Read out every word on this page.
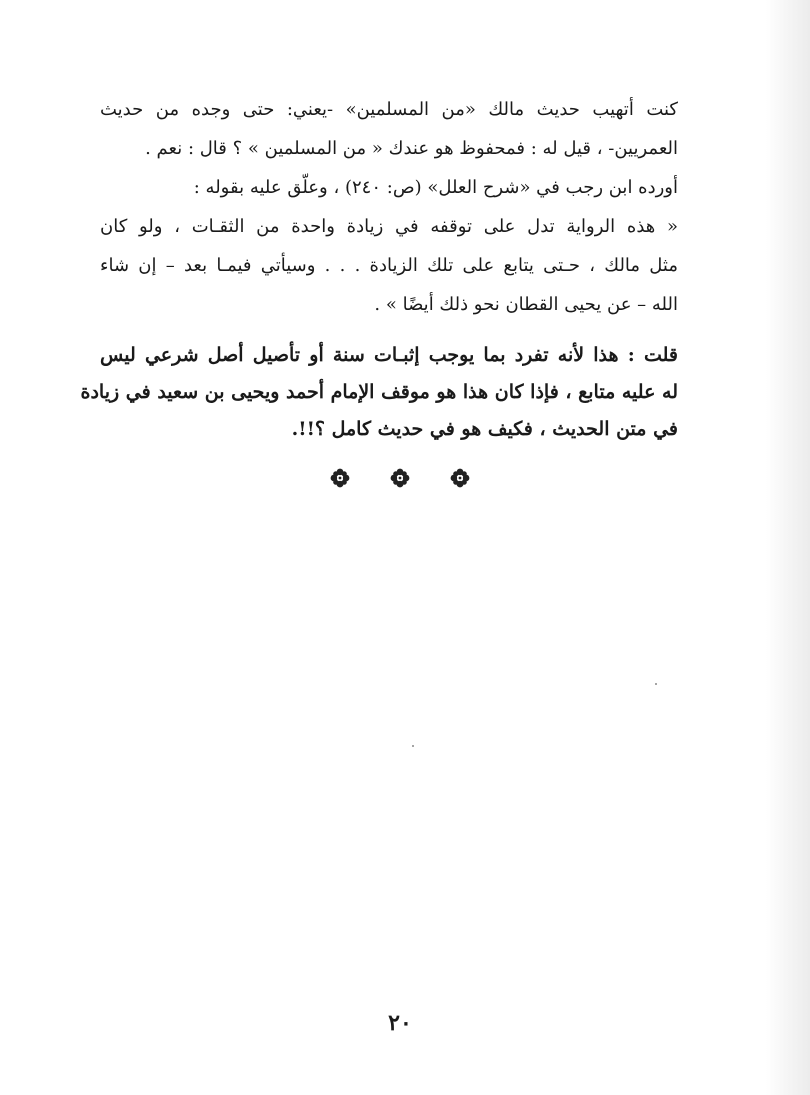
كنت أتهيب حديث مالك «من المسلمين» -يعني: حتى وجده من حديث
العمريين- ، قيل له : فمحفوظ هو عندك « من المسلمين » ؟ قال : نعم .

أورده ابن رجب في «شرح العلل» (ص: ٢٤٠) ، وعلّق عليه بقوله :

« هذه الرواية تدل على توقفه في زيادة واحدة من الثقـات ، ولو كان
مثل مالك ، حـتى يتابع على تلك الزيادة . . . وسيأتي فيمـا بعد – إن شاء
الله – عن يحيى القطان نحو ذلك أيضًا » .

قلت : هذا لأنه تفرد بما يوجب إثبـات سنة أو تأصيل أصل شرعي ليس
له عليه متابع ، فإذا كان هذا هو موقف الإمام أحمد ويحيى بن سعيد في زيادة
في متن الحديث ، فكيف هو في حديث كامل ؟!!.

٢٠
